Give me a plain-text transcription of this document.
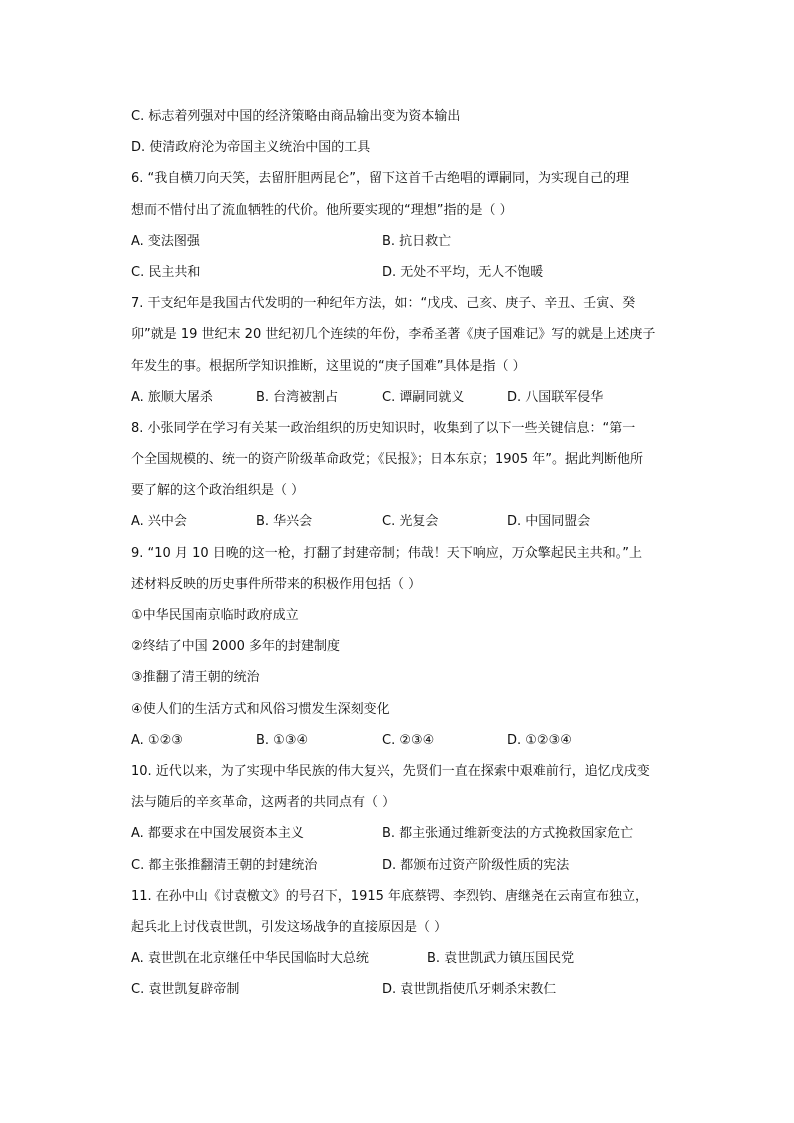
C. 标志着列强对中国的经济策略由商品输出变为资本输出
D. 使清政府沦为帝国主义统治中国的工具
6. “我自横刀向天笑，去留肝胆两昆仑”，留下这首千古绝唱的谭嗣同，为实现自己的理
想而不惜付出了流血牺牲的代价。他所要实现的“理想”指的是（ ）
A. 变法图强	B. 抗日救亡
C. 民主共和	D. 无处不平均，无人不饱暖
7. 干支纪年是我国古代发明的一种纪年方法，如：“戊戌、己亥、庚子、辛丑、壬寅、癸
卯”就是 19 世纪末 20 世纪初几个连续的年份，李希圣著《庚子国难记》写的就是上述庚子
年发生的事。根据所学知识推断，这里说的“庚子国难”具体是指（ ）
A. 旅顺大屠杀	B. 台湾被割占	C. 谭嗣同就义	D. 八国联军侵华
8. 小张同学在学习有关某一政治组织的历史知识时，收集到了以下一些关键信息：“第一
个全国规模的、统一的资产阶级革命政党；《民报》；日本东京；1905 年”。据此判断他所
要了解的这个政治组织是（ ）
A. 兴中会	B. 华兴会	C. 光复会	D. 中国同盟会
9. “10 月 10 日晚的这一枪，打翻了封建帝制；伟哉！天下响应，万众擎起民主共和。”上
述材料反映的历史事件所带来的积极作用包括（ ）
①中华民国南京临时政府成立
②终结了中国 2000 多年的封建制度
③推翻了清王朝的统治
④使人们的生活方式和风俗习惯发生深刻变化
A. ①②③	B. ①③④	C. ②③④	D. ①②③④
10. 近代以来，为了实现中华民族的伟大复兴，先贤们一直在探索中艰难前行，追忆戊戌变
法与随后的辛亥革命，这两者的共同点有（ ）
A. 都要求在中国发展资本主义	B. 都主张通过维新变法的方式挽救国家危亡
C. 都主张推翻清王朝的封建统治	D. 都颁布过资产阶级性质的宪法
11. 在孙中山《讨袁檄文》的号召下，1915 年底蔡锷、李烈钧、唐继尧在云南宣布独立，
起兵北上讨伐袁世凯，引发这场战争的直接原因是（ ）
A. 袁世凯在北京继任中华民国临时大总统	B. 袁世凯武力镇压国民党
C. 袁世凯复辟帝制	D. 袁世凯指使爪牙刺杀宋教仁
